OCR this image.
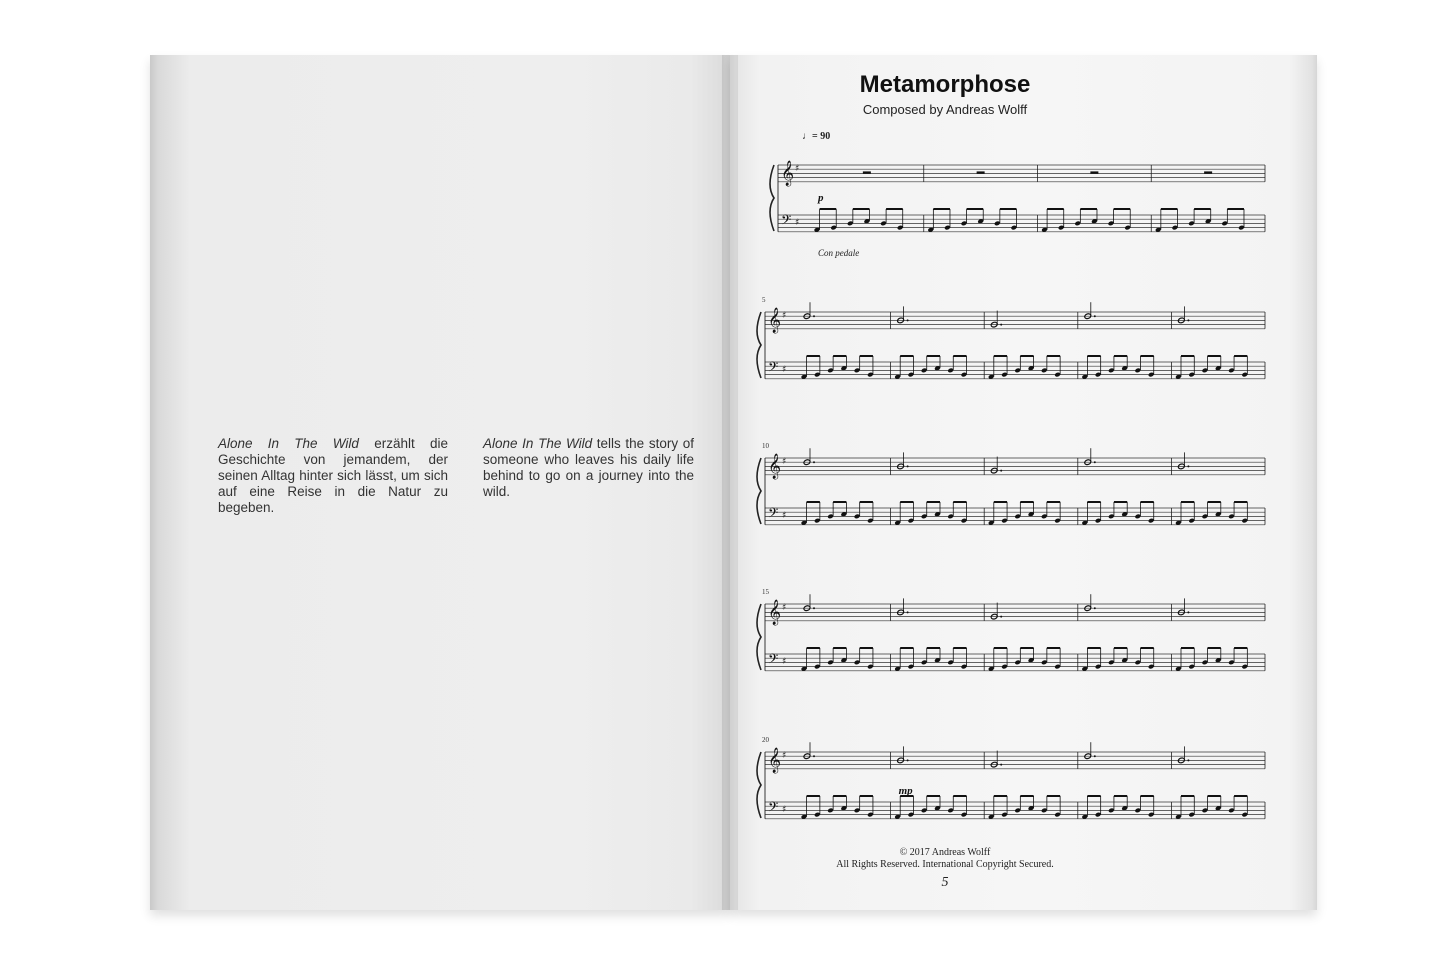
Alone In The Wild erzählt die Geschichte von jemandem, der seinen Alltag hinter sich lässt, um sich auf eine Reise in die Natur zu begeben.
Alone In The Wild tells the story of someone who leaves his daily life behind to go on a journey into the wild.
Metamorphose
Composed by Andreas Wolff
♩= 90
Con pedale
𝄞
𝄢
♯
♯
p
𝄞
𝄢
♯
♯
5
𝄞
𝄢
♯
♯
10
𝄞
𝄢
♯
♯
15
𝄞
𝄢
♯
♯
20
mp
© 2017 Andreas Wolff
All Rights Reserved. International Copyright Secured.
5
